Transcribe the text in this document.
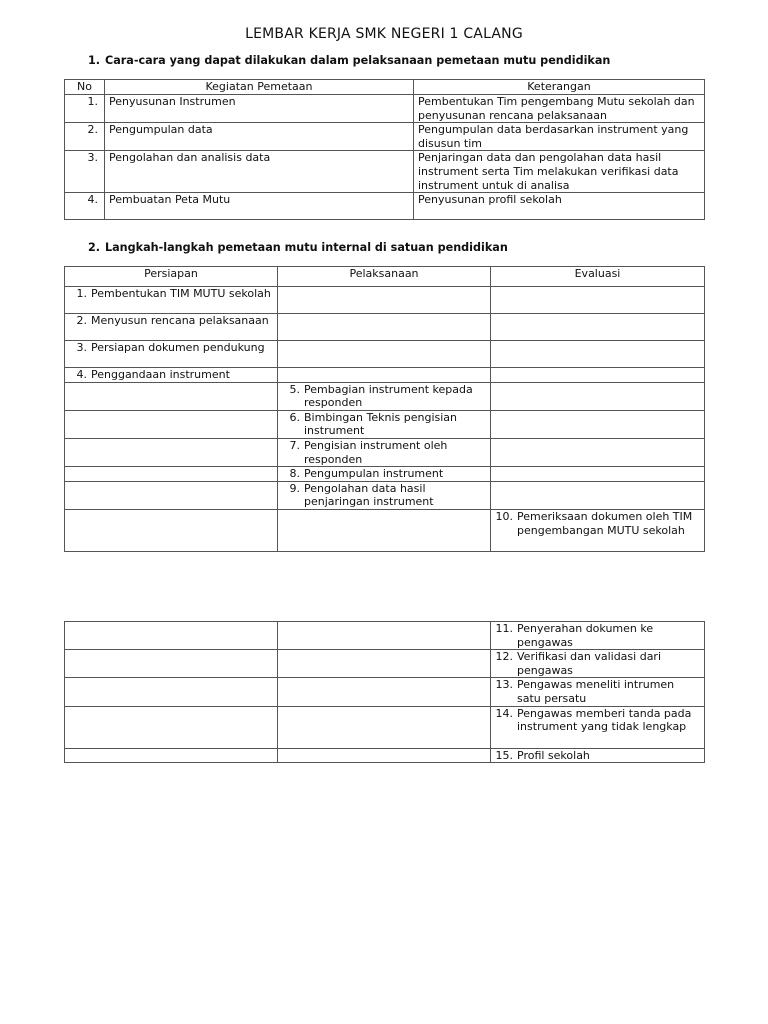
LEMBAR KERJA SMK NEGERI 1 CALANG
1. Cara-cara yang dapat dilakukan dalam pelaksanaan pemetaan mutu pendidikan
No	Kegiatan Pemetaan	Keterangan
1.	Penyusunan Instrumen	Pembentukan Tim pengembang Mutu sekolah dan penyusunan rencana pelaksanaan
2.	Pengumpulan data	Pengumpulan data berdasarkan instrument yang disusun tim
3.	Pengolahan dan analisis data	Penjaringan data dan pengolahan data hasil instrument serta Tim melakukan verifikasi data instrument untuk di analisa
4.	Pembuatan Peta Mutu	Penyusunan profil sekolah
2. Langkah-langkah pemetaan mutu internal di satuan pendidikan
Persiapan	Pelaksanaan	Evaluasi

1. Pembentukan TIM MUTU sekolah		

2. Menyusun rencana pelaksanaan		

3. Persiapan dokumen pendukung		

4. Penggandaan instrument		

	5. Pembagian instrument kepada responden	

	6. Bimbingan Teknis pengisian instrument	

	7. Pengisian instrument oleh responden	

	8. Pengumpulan instrument	

	9. Pengolahan data hasil penjaringan instrument	

		10. Pemeriksaan dokumen oleh TIM pengembangan MUTU sekolah

		11. Penyerahan dokumen ke pengawas

		12. Verifikasi dan validasi dari pengawas

		13. Pengawas meneliti intrumen satu persatu

		14. Pengawas memberi tanda pada instrument yang tidak lengkap

		15. Profil sekolah
